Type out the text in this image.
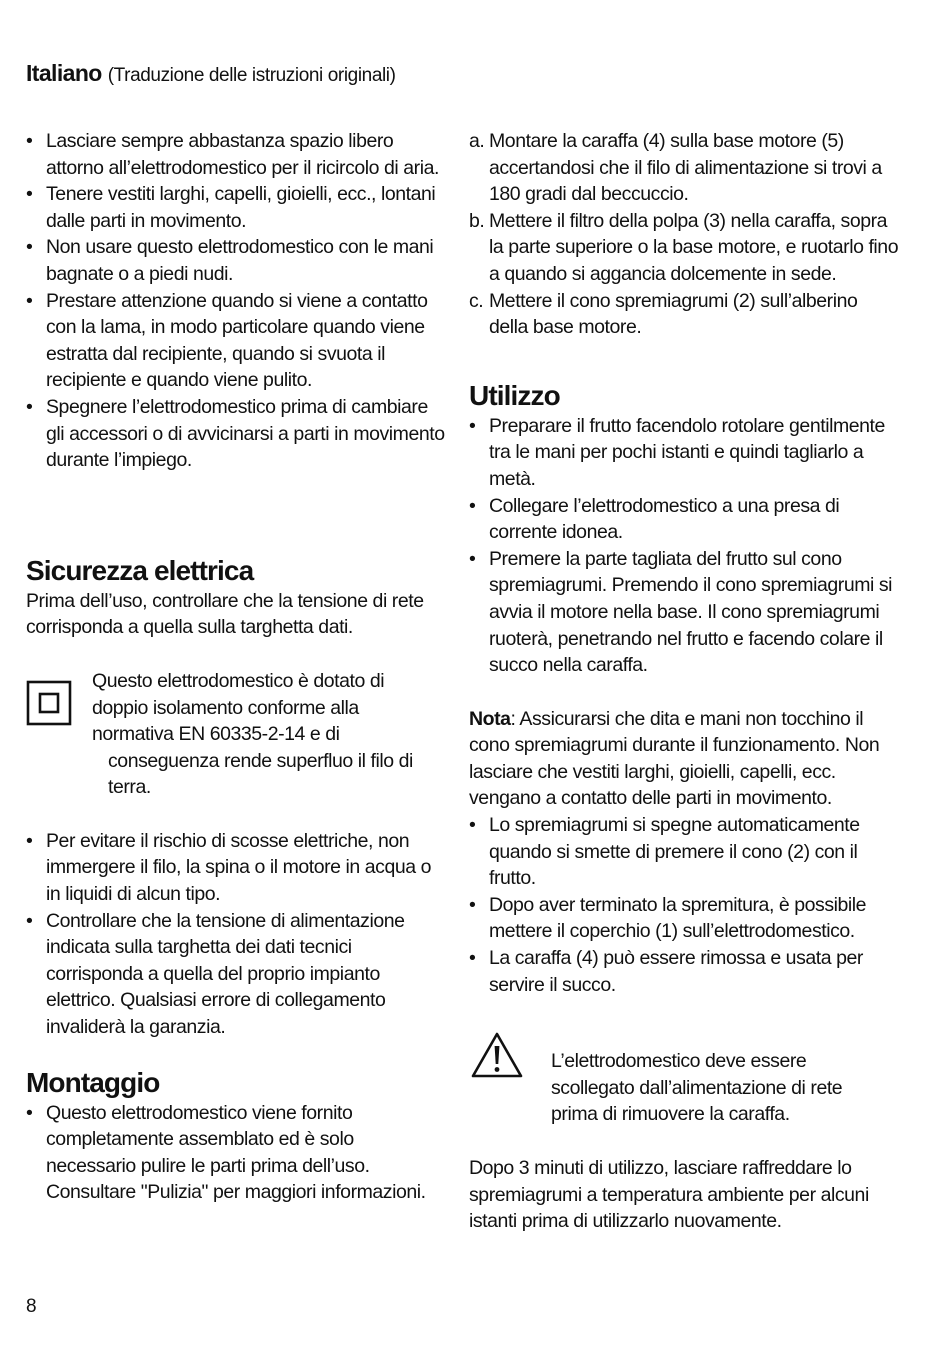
Italiano (Traduzione delle istruzioni originali)
• Lasciare sempre abbastanza spazio libero attorno all’elettrodomestico per il ricircolo di aria.
• Tenere vestiti larghi, capelli, gioielli, ecc., lontani dalle parti in movimento.
• Non usare questo elettrodomestico con le mani bagnate o a piedi nudi.
• Prestare attenzione quando si viene a contatto con la lama, in modo particolare quando viene estratta dal recipiente, quando si svuota il recipiente e quando viene pulito.
• Spegnere l’elettrodomestico prima di cambiare gli accessori o di avvicinarsi a parti in movimento durante l’impiego.
Sicurezza elettrica

Prima dell’uso, controllare che la tensione di rete corrisponda a quella sulla targhetta dati.

Questo elettrodomestico è dotato di
doppio isolamento conforme alla
normativa EN 60335-2-14 e di
conseguenza rende superfluo il filo di
terra.
• Per evitare il rischio di scosse elettriche, non immergere il filo, la spina o il motore in acqua o in liquidi di alcun tipo.
• Controllare che la tensione di alimentazione indicata sulla targhetta dei dati tecnici corrisponda a quella del proprio impianto elettrico. Qualsiasi errore di collegamento invaliderà la garanzia.
Montaggio
• Questo elettrodomestico viene fornito completamente assemblato ed è solo necessario pulire le parti prima dell’uso. Consultare "Pulizia" per maggiori informazioni.
a. Montare la caraffa (4) sulla base motore (5) accertandosi che il filo di alimentazione si trovi a 180 gradi dal beccuccio.
b. Mettere il filtro della polpa (3) nella caraffa, sopra la parte superiore o la base motore, e ruotarlo fino a quando si aggancia dolcemente in sede.
c. Mettere il cono spremiagrumi (2) sull’alberino della base motore.
Utilizzo
• Preparare il frutto facendolo rotolare gentilmente tra le mani per pochi istanti e quindi tagliarlo a metà.
• Collegare l’elettrodomestico a una presa di corrente idonea.
• Premere la parte tagliata del frutto sul cono spremiagrumi. Premendo il cono spremiagrumi si avvia il motore nella base. Il cono spremiagrumi ruoterà, penetrando nel frutto e facendo colare il succo nella caraffa.

Nota: Assicurarsi che dita e mani non tocchino il cono spremiagrumi durante il funzionamento. Non lasciare che vestiti larghi, gioielli, capelli, ecc. vengano a contatto delle parti in movimento.

• Lo spremiagrumi si spegne automaticamente quando si smette di premere il cono (2) con il frutto.
• Dopo aver terminato la spremitura, è possibile mettere il coperchio (1) sull’elettrodomestico.
• La caraffa (4) può essere rimossa e usata per servire il succo.
L’elettrodomestico deve essere
scollegato dall’alimentazione di rete
prima di rimuovere la caraffa.

Dopo 3 minuti di utilizzo, lasciare raffreddare lo spremiagrumi a temperatura ambiente per alcuni istanti prima di utilizzarlo nuovamente.

8
